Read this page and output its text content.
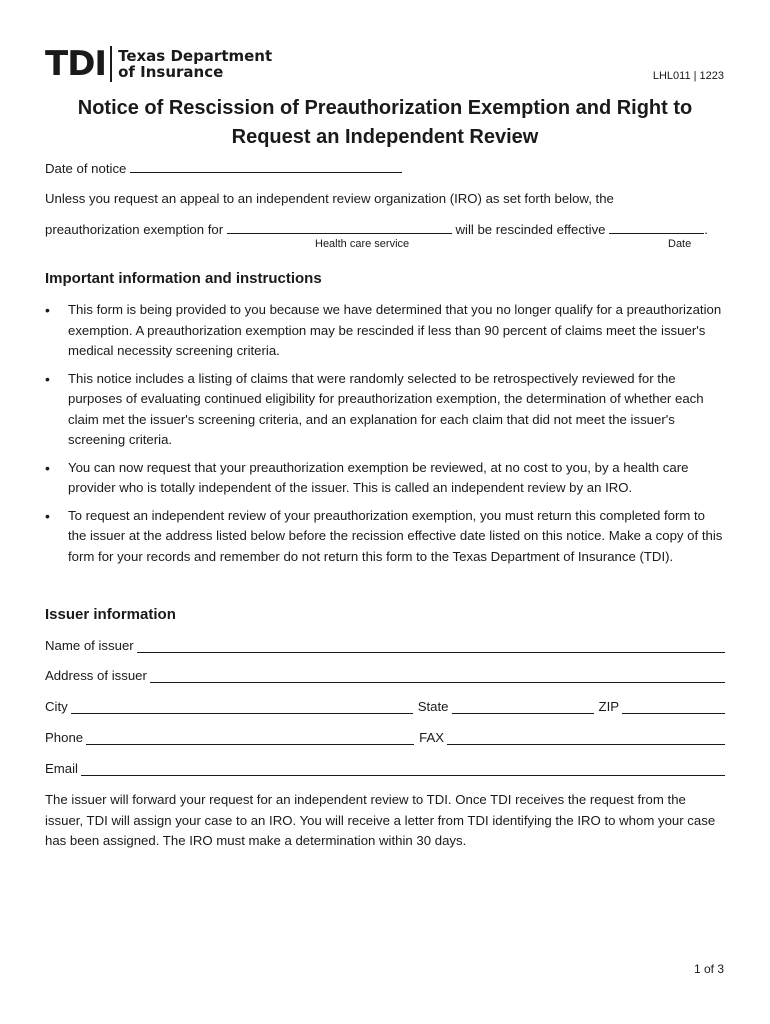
TDI Texas Department
of Insurance	LHL011 | 1223
Notice of Rescission of Preauthorization Exemption and Right to
Request an Independent Review
Date of notice
Unless you request an appeal to an independent review organization (IRO) as set forth below, the
preauthorization exemption for	will be rescinded effective	.
Health care service	Date
Important information and instructions
• This form is being provided to you because we have determined that you no longer qualify for a preauthorization exemption. A preauthorization exemption may be rescinded if less than 90 percent of claims meet the issuer's medical necessity screening criteria.
• This notice includes a listing of claims that were randomly selected to be retrospectively reviewed for the purposes of evaluating continued eligibility for preauthorization exemption, the determination of whether each claim met the issuer's screening criteria, and an explanation for each claim that did not meet the issuer's screening criteria.
• You can now request that your preauthorization exemption be reviewed, at no cost to you, by a health care provider who is totally independent of the issuer. This is called an independent review by an IRO.
• To request an independent review of your preauthorization exemption, you must return this completed form to the issuer at the address listed below before the recission effective date listed on this notice. Make a copy of this form for your records and remember do not return this form to the Texas Department of Insurance (TDI).
Issuer information
Name of issuer
Address of issuer
City	State	ZIP
Phone	FAX
Email
The issuer will forward your request for an independent review to TDI. Once TDI receives the request from the issuer, TDI will assign your case to an IRO. You will receive a letter from TDI identifying the IRO to whom your case has been assigned. The IRO must make a determination within 30 days.
1 of 3
